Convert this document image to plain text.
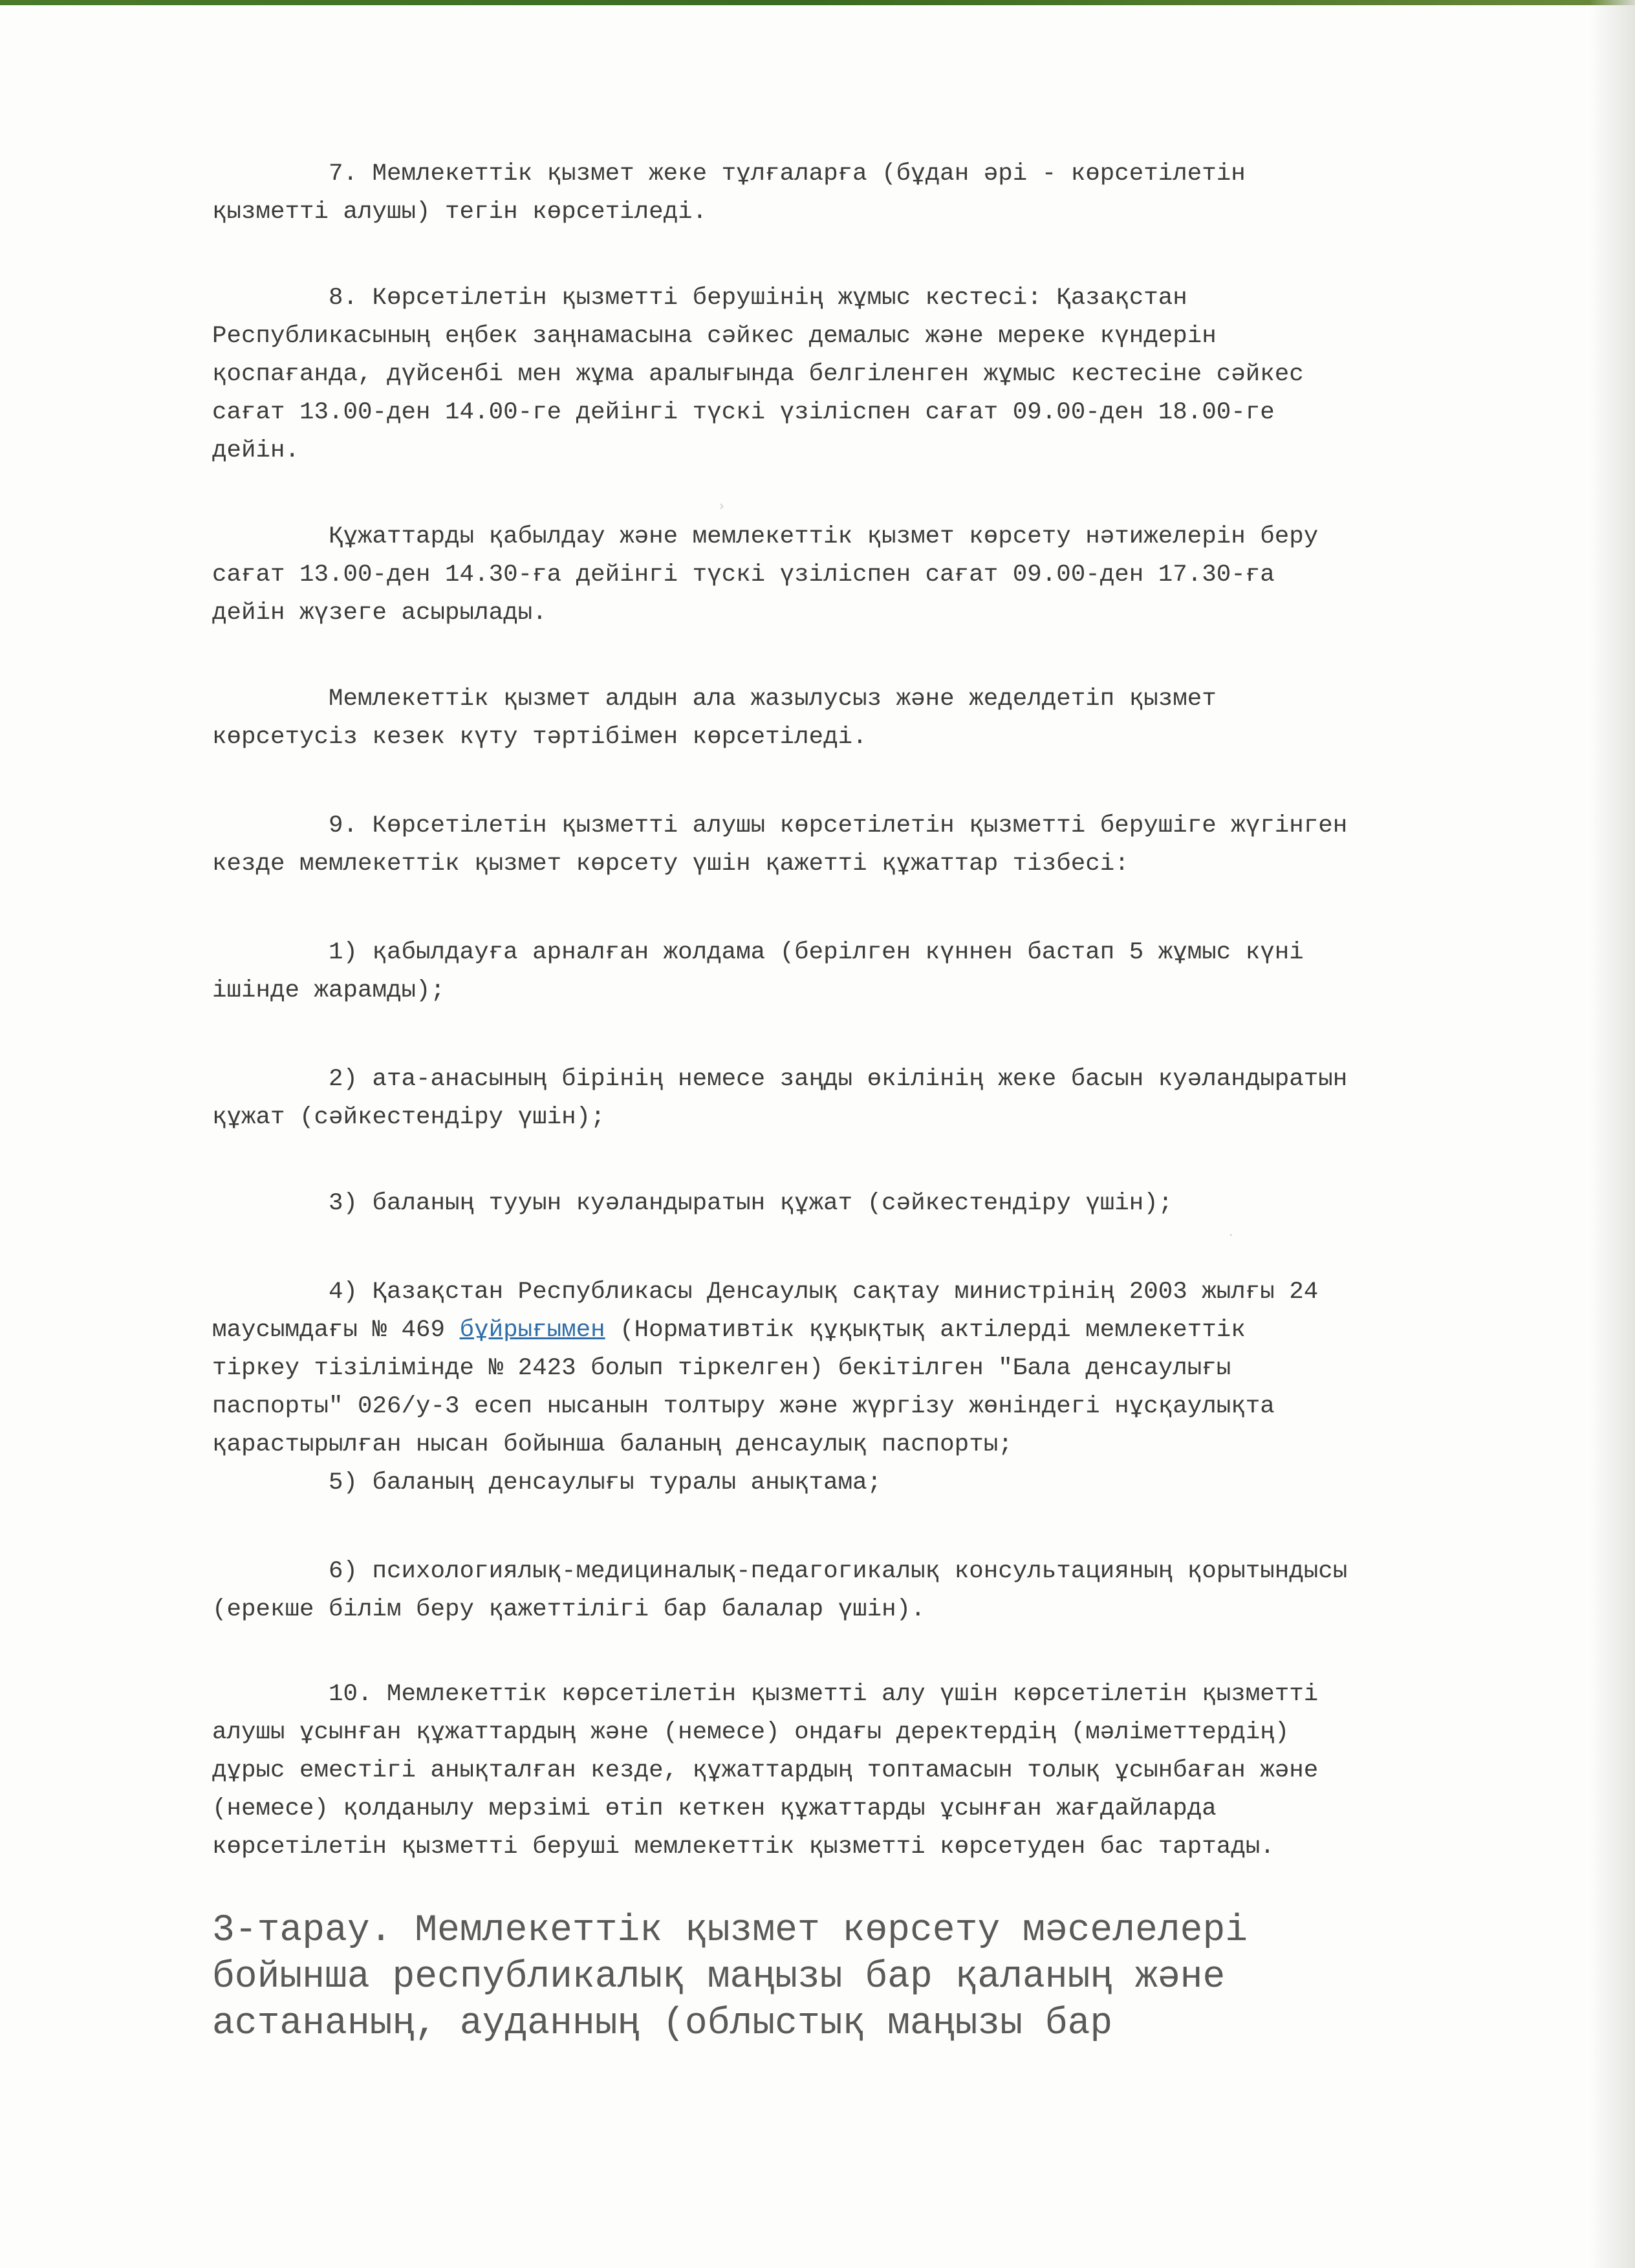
›
·

7. Мемлекеттік қызмет жеке тұлғаларға (бұдан әрі - көрсетілетін
қызметті алушы) тегін көрсетіледі.

8. Көрсетілетін қызметті берушінің жұмыс кестесі: Қазақстан
Республикасының еңбек заңнамасына сәйкес демалыс және мереке күндерін
қоспағанда, дүйсенбі мен жұма аралығында белгіленген жұмыс кестесіне сәйкес
сағат 13.00-ден 14.00-ге дейінгі түскі үзіліспен сағат 09.00-ден 18.00-ге
дейін.

Құжаттарды қабылдау және мемлекеттік қызмет көрсету нәтижелерін беру
сағат 13.00-ден 14.30-ға дейінгі түскі үзіліспен сағат 09.00-ден 17.30-ға
дейін жүзеге асырылады.

Мемлекеттік қызмет алдын ала жазылусыз және жеделдетіп қызмет
көрсетусіз кезек күту тәртібімен көрсетіледі.

9. Көрсетілетін қызметті алушы көрсетілетін қызметті берушіге жүгінген
кезде мемлекеттік қызмет көрсету үшін қажетті құжаттар тізбесі:

1) қабылдауға арналған жолдама (берілген күннен бастап 5 жұмыс күні
ішінде жарамды);

2) ата-анасының бірінің немесе заңды өкілінің жеке басын куәландыратын
құжат (сәйкестендіру үшін);

3) баланың тууын куәландыратын құжат (сәйкестендіру үшін);

4) Қазақстан Республикасы Денсаулық сақтау министрінің 2003 жылғы 24
маусымдағы № 469 бұйрығымен (Нормативтік құқықтық актілерді мемлекеттік
тіркеу тізілімінде № 2423 болып тіркелген) бекітілген "Бала денсаулығы
паспорты" 026/у-3 есеп нысанын толтыру және жүргізу жөніндегі нұсқаулықта
қарастырылған нысан бойынша баланың денсаулық паспорты;

5) баланың денсаулығы туралы анықтама;

6) психологиялық-медициналық-педагогикалық консультацияның қорытындысы
(ерекше білім беру қажеттілігі бар балалар үшін).

10. Мемлекеттік көрсетілетін қызметті алу үшін көрсетілетін қызметті
алушы ұсынған құжаттардың және (немесе) ондағы деректердің (мәліметтердің)
дұрыс еместігі анықталған кезде, құжаттардың топтамасын толық ұсынбаған және
(немесе) қолданылу мерзімі өтіп кеткен құжаттарды ұсынған жағдайларда
көрсетілетін қызметті беруші мемлекеттік қызметті көрсетуден бас тартады.

3-тарау. Мемлекеттік қызмет көрсету мәселелері
бойынша республикалық маңызы бар қаланың және
астананың, ауданның (облыстық маңызы бар
